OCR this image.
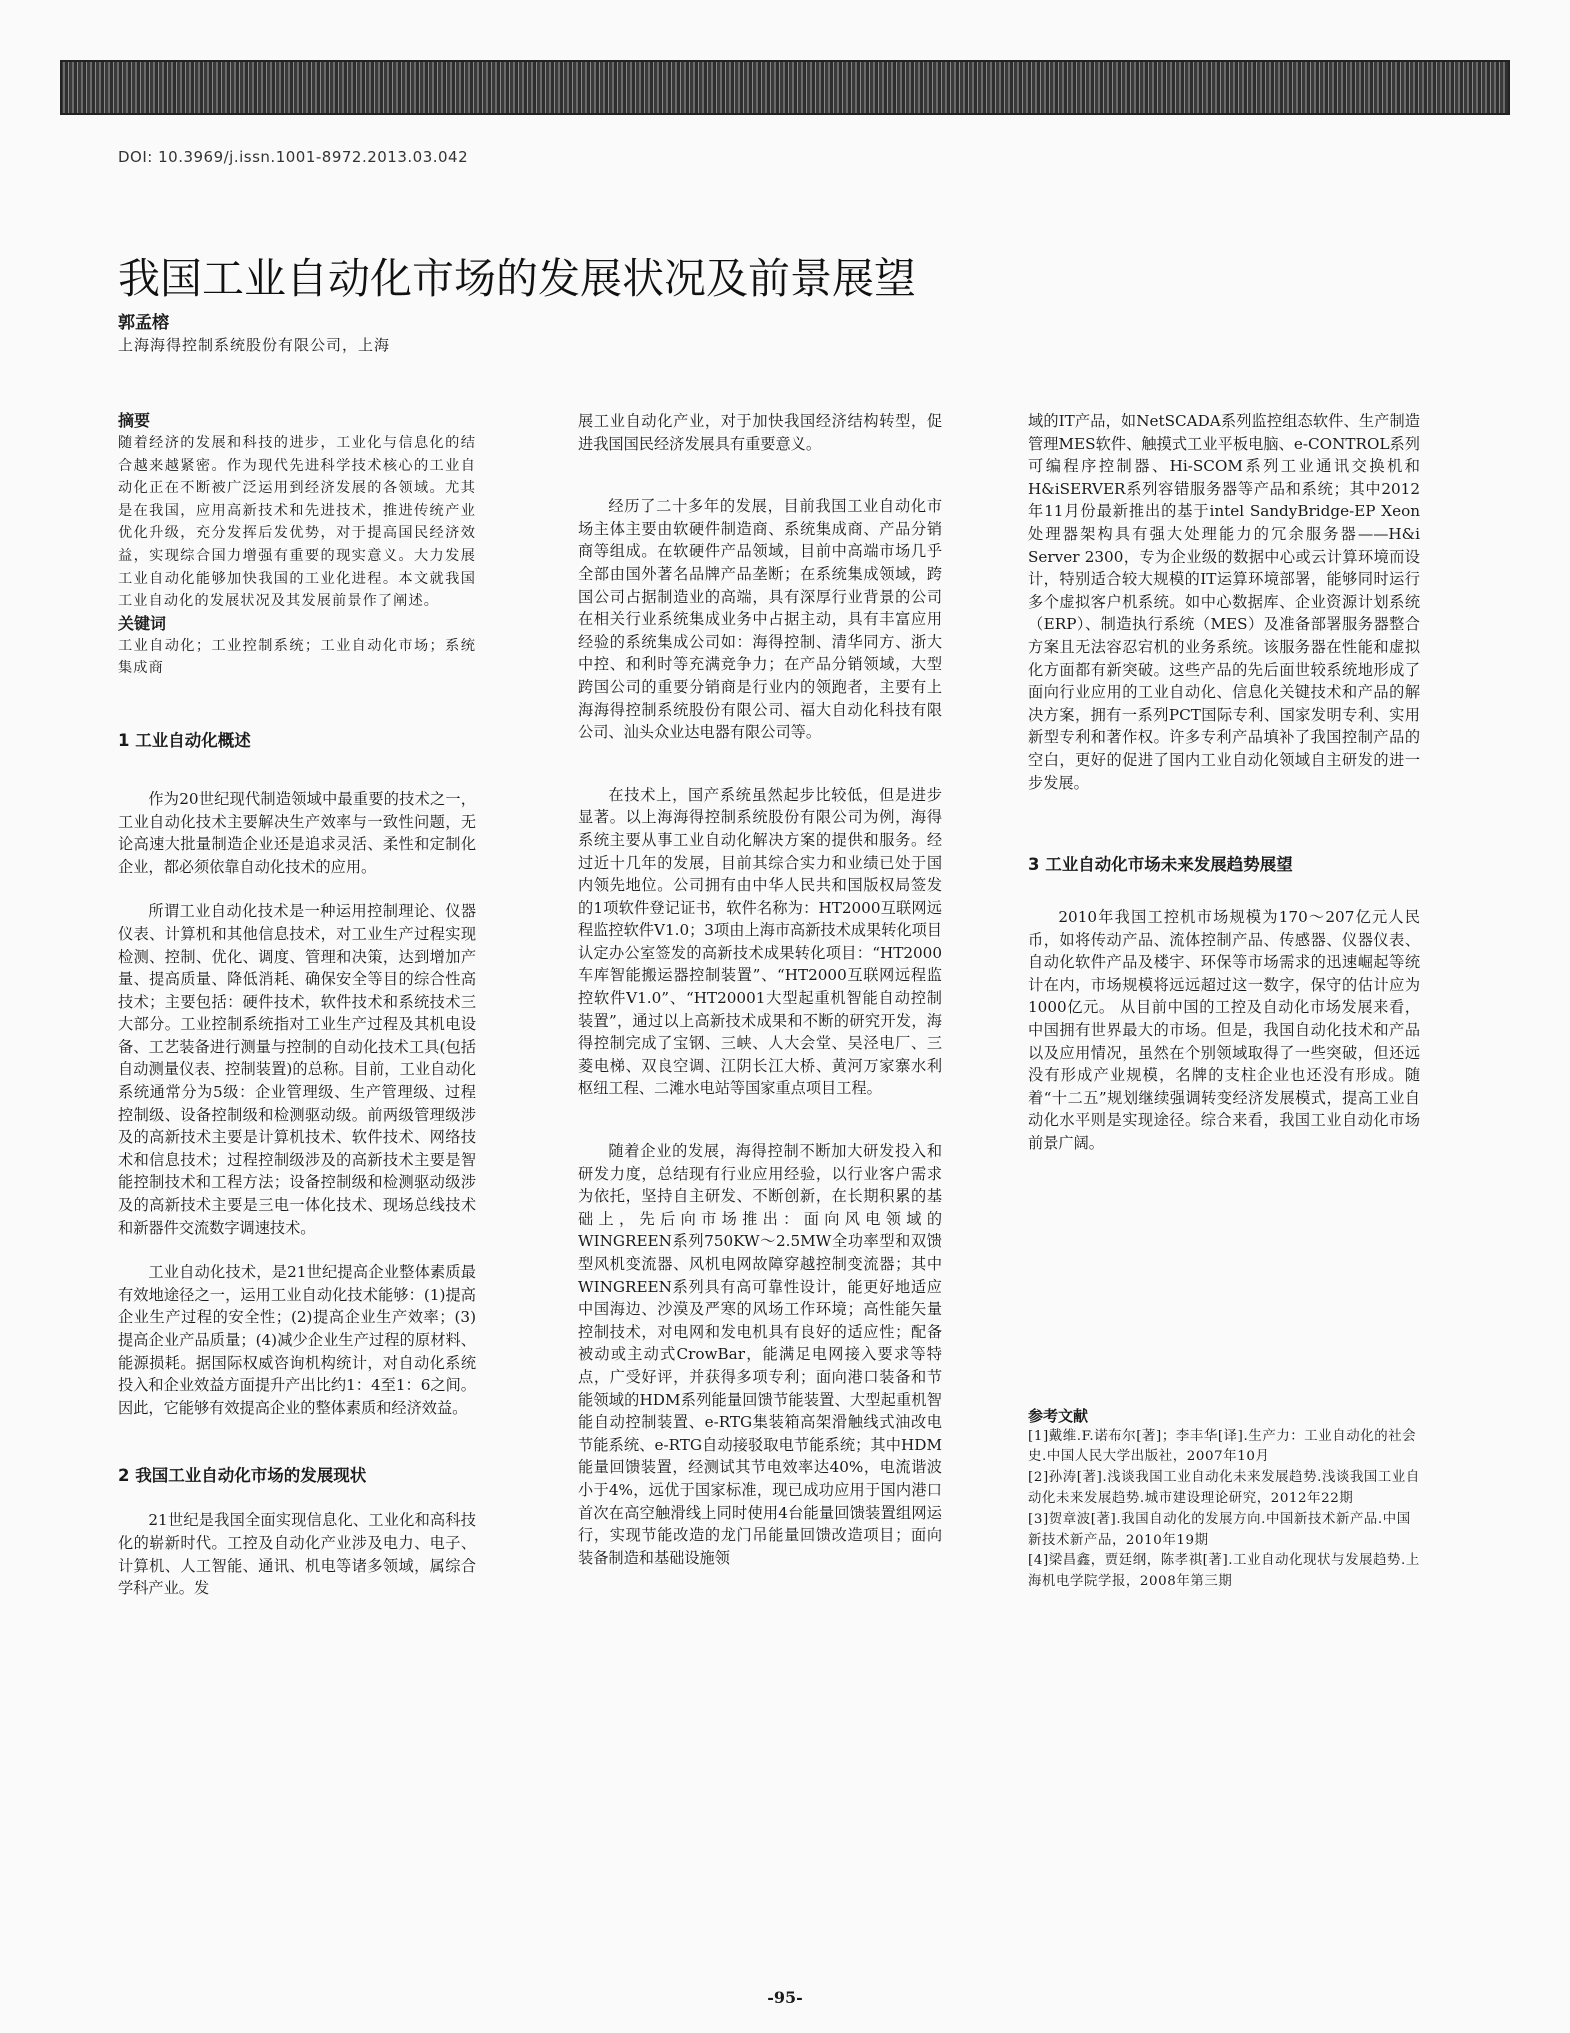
DOI: 10.3969/j.issn.1001-8972.2013.03.042
我国工业自动化市场的发展状况及前景展望
郭孟榕
上海海得控制系统股份有限公司，上海

摘要

随着经济的发展和科技的进步，工业化与信息化的结合越来越紧密。作为现代先进科学技术核心的工业自动化正在不断被广泛运用到经济发展的各领域。尤其是在我国，应用高新技术和先进技术，推进传统产业优化升级，充分发挥后发优势，对于提高国民经济效益，实现综合国力增强有重要的现实意义。大力发展工业自动化能够加快我国的工业化进程。本文就我国工业自动化的发展状况及其发展前景作了阐述。

关键词

工业自动化；工业控制系统；工业自动化市场；系统集成商

1 工业自动化概述

作为20世纪现代制造领域中最重要的技术之一，工业自动化技术主要解决生产效率与一致性问题，无论高速大批量制造企业还是追求灵活、柔性和定制化企业，都必须依靠自动化技术的应用。

所谓工业自动化技术是一种运用控制理论、仪器仪表、计算机和其他信息技术，对工业生产过程实现检测、控制、优化、调度、管理和决策，达到增加产量、提高质量、降低消耗、确保安全等目的综合性高技术；主要包括：硬件技术，软件技术和系统技术三大部分。工业控制系统指对工业生产过程及其机电设备、工艺装备进行测量与控制的自动化技术工具(包括自动测量仪表、控制装置)的总称。目前，工业自动化系统通常分为5级：企业管理级、生产管理级、过程控制级、设备控制级和检测驱动级。前两级管理级涉及的高新技术主要是计算机技术、软件技术、网络技术和信息技术；过程控制级涉及的高新技术主要是智能控制技术和工程方法；设备控制级和检测驱动级涉及的高新技术主要是三电一体化技术、现场总线技术和新器件交流数字调速技术。

工业自动化技术，是21世纪提高企业整体素质最有效地途径之一，运用工业自动化技术能够：(1)提高企业生产过程的安全性；(2)提高企业生产效率；(3)提高企业产品质量；(4)减少企业生产过程的原材料、能源损耗。据国际权威咨询机构统计，对自动化系统投入和企业效益方面提升产出比约1：4至1：6之间。因此，它能够有效提高企业的整体素质和经济效益。

2 我国工业自动化市场的发展现状

21世纪是我国全面实现信息化、工业化和高科技化的崭新时代。工控及自动化产业涉及电力、电子、计算机、人工智能、通讯、机电等诸多领域，属综合学科产业。发

展工业自动化产业，对于加快我国经济结构转型，促进我国国民经济发展具有重要意义。

经历了二十多年的发展，目前我国工业自动化市场主体主要由软硬件制造商、系统集成商、产品分销商等组成。在软硬件产品领域，目前中高端市场几乎全部由国外著名品牌产品垄断；在系统集成领域，跨国公司占据制造业的高端，具有深厚行业背景的公司在相关行业系统集成业务中占据主动，具有丰富应用经验的系统集成公司如：海得控制、清华同方、浙大中控、和利时等充满竞争力；在产品分销领域，大型跨国公司的重要分销商是行业内的领跑者，主要有上海海得控制系统股份有限公司、福大自动化科技有限公司、汕头众业达电器有限公司等。

在技术上，国产系统虽然起步比较低，但是进步显著。以上海海得控制系统股份有限公司为例，海得系统主要从事工业自动化解决方案的提供和服务。经过近十几年的发展，目前其综合实力和业绩已处于国内领先地位。公司拥有由中华人民共和国版权局签发的1项软件登记证书，软件名称为：HT2000互联网远程监控软件V1.0；3项由上海市高新技术成果转化项目认定办公室签发的高新技术成果转化项目：“HT2000车库智能搬运器控制装置”、“HT2000互联网远程监控软件V1.0”、“HT20001大型起重机智能自动控制装置”，通过以上高新技术成果和不断的研究开发，海得控制完成了宝钢、三峡、人大会堂、吴泾电厂、三菱电梯、双良空调、江阴长江大桥、黄河万家寨水利枢纽工程、二滩水电站等国家重点项目工程。

随着企业的发展，海得控制不断加大研发投入和研发力度，总结现有行业应用经验，以行业客户需求为依托，坚持自主研发、不断创新，在长期积累的基础上，先后向市场推出：面向风电领域的WINGREEN系列750KW～2.5MW全功率型和双馈型风机变流器、风机电网故障穿越控制变流器；其中WINGREEN系列具有高可靠性设计，能更好地适应中国海边、沙漠及严寒的风场工作环境；高性能矢量控制技术，对电网和发电机具有良好的适应性；配备被动或主动式CrowBar，能满足电网接入要求等特点，广受好评，并获得多项专利；面向港口装备和节能领域的HDM系列能量回馈节能装置、大型起重机智能自动控制装置、e-RTG集装箱高架滑触线式油改电节能系统、e-RTG自动接驳取电节能系统；其中HDM能量回馈装置，经测试其节电效率达40%，电流谐波小于4%，远优于国家标准，现已成功应用于国内港口首次在高空触滑线上同时使用4台能量回馈装置组网运行，实现节能改造的龙门吊能量回馈改造项目；面向装备制造和基础设施领

域的IT产品，如NetSCADA系列监控组态软件、生产制造管理MES软件、触摸式工业平板电脑、e-CONTROL系列可编程序控制器、Hi-SCOM系列工业通讯交换机和H&iSERVER系列容错服务器等产品和系统；其中2012年11月份最新推出的基于intel SandyBridge-EP Xeon处理器架构具有强大处理能力的冗余服务器——H&i Server 2300，专为企业级的数据中心或云计算环境而设计，特别适合较大规模的IT运算环境部署，能够同时运行多个虚拟客户机系统。如中心数据库、企业资源计划系统（ERP）、制造执行系统（MES）及准备部署服务器整合方案且无法容忍宕机的业务系统。该服务器在性能和虚拟化方面都有新突破。这些产品的先后面世较系统地形成了面向行业应用的工业自动化、信息化关键技术和产品的解决方案，拥有一系列PCT国际专利、国家发明专利、实用新型专利和著作权。许多专利产品填补了我国控制产品的空白，更好的促进了国内工业自动化领域自主研发的进一步发展。

3 工业自动化市场未来发展趋势展望

2010年我国工控机市场规模为170～207亿元人民币，如将传动产品、流体控制产品、传感器、仪器仪表、自动化软件产品及楼宇、环保等市场需求的迅速崛起等统计在内，市场规模将远远超过这一数字，保守的估计应为1000亿元。 从目前中国的工控及自动化市场发展来看，中国拥有世界最大的市场。但是，我国自动化技术和产品以及应用情况，虽然在个别领域取得了一些突破，但还远没有形成产业规模，名牌的支柱企业也还没有形成。随着“十二五”规划继续强调转变经济发展模式，提高工业自动化水平则是实现途径。综合来看，我国工业自动化市场前景广阔。

参考文献

[1]戴维.F.诺布尔[著]；李丰华[译].生产力：工业自动化的社会史.中国人民大学出版社，2007年10月

[2]孙涛[著].浅谈我国工业自动化未来发展趋势.浅谈我国工业自动化未来发展趋势.城市建设理论研究，2012年22期

[3]贺章波[著].我国自动化的发展方向.中国新技术新产品.中国新技术新产品，2010年19期

[4]梁昌鑫，贾廷纲，陈孝祺[著].工业自动化现状与发展趋势.上海机电学院学报，2008年第三期

-95-
